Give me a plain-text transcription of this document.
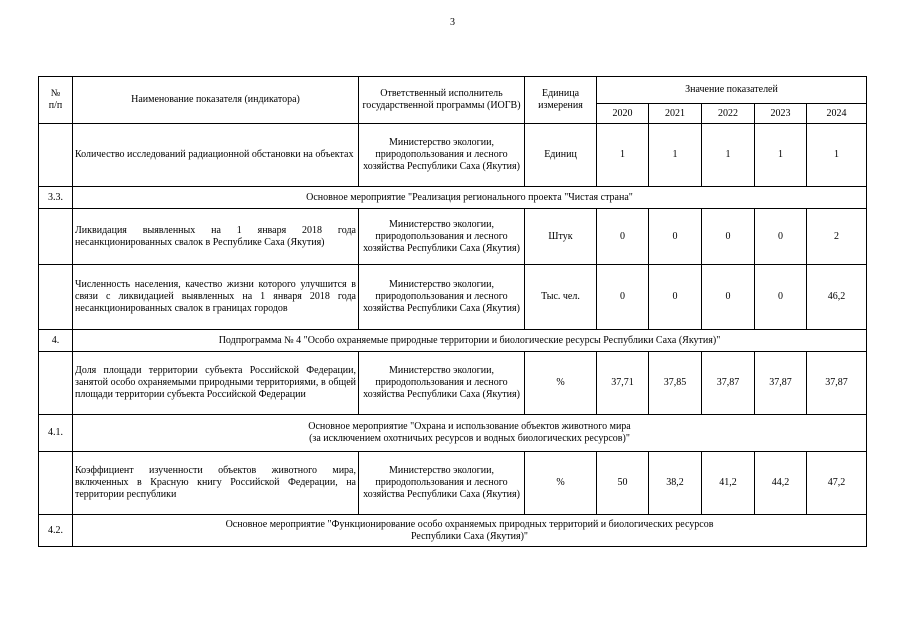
3
№
п/п	Наименование показателя (индикатора)	Ответственный исполнитель государственной программы (ИОГВ)	Единица измерения	Значение показателей				
				2020	2021	2022	2023	2024
	Количество исследований радиационной обстановки на объектах	Министерство экологии, природопользования и лесного хозяйства Республики Саха (Якутия)	Единиц	1	1	1	1	1
3.3.	Основное мероприятие "Реализация регионального проекта "Чистая страна"							
	Ликвидация выявленных на 1 января 2018 года несанкционированных свалок в Республике Саха (Якутия)	Министерство экологии, природопользования и лесного хозяйства Республики Саха (Якутия)	Штук	0	0	0	0	2
	Численность населения, качество жизни которого улучшится в связи с ликвидацией выявленных на 1 января 2018 года несанкционированных свалок в границах городов	Министерство экологии, природопользования и лесного хозяйства Республики Саха (Якутия)	Тыс. чел.	0	0	0	0	46,2
4.	Подпрограмма № 4 "Особо охраняемые природные территории и биологические ресурсы Республики Саха (Якутия)"							
	Доля площади территории субъекта Российской Федерации, занятой особо охраняемыми природными территориями, в общей площади территории субъекта Российской Федерации	Министерство экологии, природопользования и лесного хозяйства Республики Саха (Якутия)	%	37,71	37,85	37,87	37,87	37,87
4.1.	Основное мероприятие "Охрана и использование объектов животного мира
(за исключением охотничьих ресурсов и водных биологических ресурсов)"							
	Коэффициент изученности объектов животного мира, включенных в Красную книгу Российской Федерации, на территории республики	Министерство экологии, природопользования и лесного хозяйства Республики Саха (Якутия)	%	50	38,2	41,2	44,2	47,2
4.2.	Основное мероприятие "Функционирование особо охраняемых природных территорий и биологических ресурсов
Республики Саха (Якутия)"							
